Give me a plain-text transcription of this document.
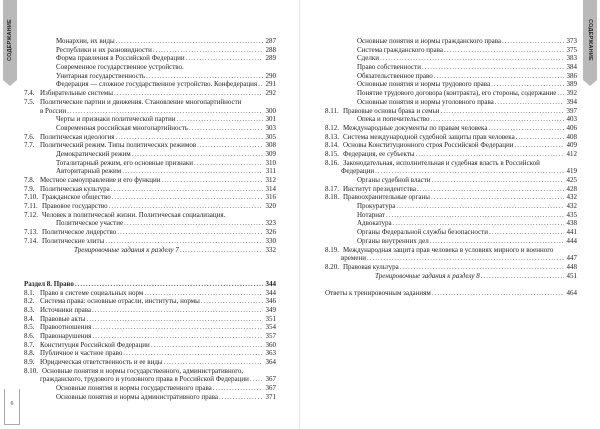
СОДЕРЖАНИЕ	Монархии, их виды .....	287
Республики и их разновидности .....	288
Форма правления в Российской Федерации .....	289
Современное государственное устройство.
Унитарная государственность .....	290
Федерация — сложное государственное устройство. Конфедерация ..... 291
7.4. Избирательные системы .....	292
7.5. Политические партии и движения. Становление многопартийности
в России .....	300
Черты и признаки политической партии .....	301
Современная российская многопартийность .....	303
7.6. Политическая идеология .....	305
7.7. Политический режим. Типы политических режимов .....	308
Демократический режим .....	309
Тоталитарный режим, его основные признаки .....	310
Авторитарный режим .....	311
7.8. Местное самоуправление и его функции .....	312
7.9. Политическая культура .....	314
7.10. Гражданское общество .....	316
7.11. Правовое государство .....	320
7.12. Человек в политической жизни. Политическая социализация.
Политическое участие .....	323
7.13. Политическое лидерство .....	326
7.14. Политические элиты .....	330
Тренировочные задания к разделу 7 .....	332
Раздел 8. Право .....	344
8.1. Право в системе социальных норм .....	344
8.2. Система права: основные отрасли, институты, нормы .....	346
8.3. Источники права .....	349
8.4. Правовые акты .....	351
8.5. Правоотношения .....	354
8.6. Правонарушения .....	357
8.7. Конституция Российской Федерации .....	360
8.8. Публичное и частное право .....	363
8.9. Юридическая ответственность и ее виды .....	364
8.10. Основные понятия и нормы государственного, административного,
гражданского, трудового и уголовного права в Российской Федерации ..... 367
Основные понятия и нормы государственного права .....	367
Основные понятия и нормы административного права .....	371
6
СОДЕРЖАНИЕ
Основные понятия и нормы гражданского права .....	373
Система гражданского права .....	375
Сделки .....	383
Право собственности .....	384
Обязательственное право .....	386
Основные понятия и нормы трудового права .....	389
Понятие трудового договора (контракта), его стороны, содержание ..... 392
Основные понятия и нормы уголовного права .....	394
8.11. Правовые основы брака и семьи .....	397
Опека и попечительство .....	403
8.12. Международные документы по правам человека .....	406
8.13. Система международной судебной защиты прав человека .....	408
8.14. Основы Конституционного строя Российской Федерации .....	409
8.15. Федерация, ее субъекты .....	412
8.16. Законодательная, исполнительная и судебная власть в Российской
Федерации .....	419
Органы судебной власти .....	425
8.17. Институт президентства .....	428
8.18. Правоохранительные органы .....	432
Прокуратура .....	432
Нотариат .....	435
Адвокатура .....	438
Органы Федеральной службы безопасности .....	441
Органы внутренних дел .....	444
8.19. Международная защита прав человека в условиях мирного и военного
времени .....	447
8.20. Правовая культура .....	448
Тренировочные задания к разделу 8 .....	451
Ответы к тренировочным заданиям .....	464
